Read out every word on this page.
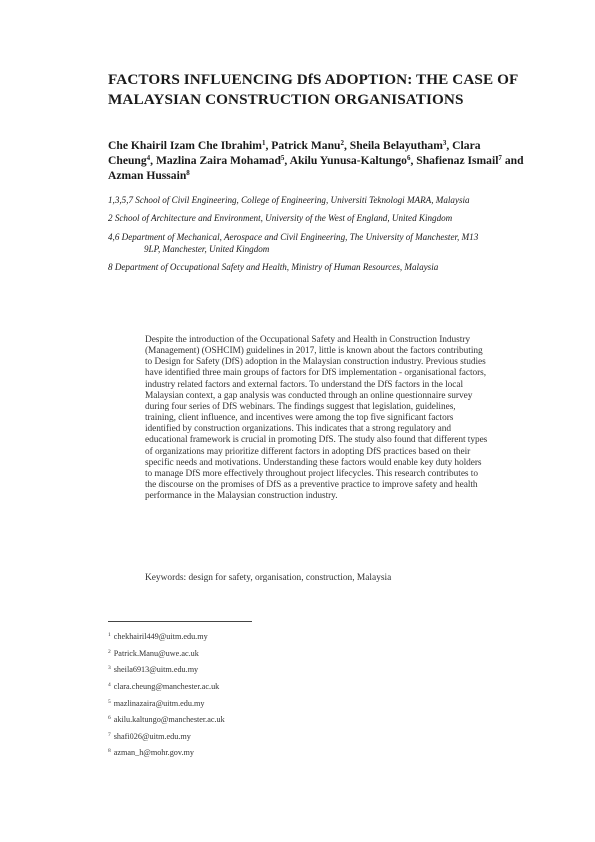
FACTORS INFLUENCING DfS ADOPTION: THE CASE OF MALAYSIAN CONSTRUCTION ORGANISATIONS

Che Khairil Izam Che Ibrahim$^1$, Patrick Manu$^2$, Sheila Belayutham$^3$, Clara Cheung$^4$, Mazlina Zaira Mohamad$^5$, Akilu Yunusa-Kaltungo$^6$, Shafienaz Ismail$^7$ and Azman Hussain$^8$

1,3,5,7 School of Civil Engineering, College of Engineering, Universiti Teknologi MARA, Malaysia

2 School of Architecture and Environment, University of the West of England, United Kingdom

4,6 Department of Mechanical, Aerospace and Civil Engineering, The University of Manchester, M13
9LP, Manchester, United Kingdom

8 Department of Occupational Safety and Health, Ministry of Human Resources, Malaysia

Despite the introduction of the Occupational Safety and Health in Construction Industry (Management) (OSHCIM) guidelines in 2017, little is known about the factors contributing to Design for Safety (DfS) adoption in the Malaysian construction industry. Previous studies have identified three main groups of factors for DfS implementation - organisational factors, industry related factors and external factors. To understand the DfS factors in the local Malaysian context, a gap analysis was conducted through an online questionnaire survey during four series of DfS webinars. The findings suggest that legislation, guidelines, training, client influence, and incentives were among the top five significant factors identified by construction organizations. This indicates that a strong regulatory and educational framework is crucial in promoting DfS. The study also found that different types of organizations may prioritize different factors in adopting DfS practices based on their specific needs and motivations. Understanding these factors would enable key duty holders to manage DfS more effectively throughout project lifecycles. This research contributes to the discourse on the promises of DfS as a preventive practice to improve safety and health performance in the Malaysian construction industry.

Keywords: design for safety, organisation, construction, Malaysia

$^1$ chekhairil449@uitm.edu.my
$^2$ Patrick.Manu@uwe.ac.uk
$^3$ sheila6913@uitm.edu.my
$^4$ clara.cheung@manchester.ac.uk
$^5$ mazlinazaira@uitm.edu.my
$^6$ akilu.kaltungo@manchester.ac.uk
$^7$ shafi026@uitm.edu.my
$^8$ azman_h@mohr.gov.my
